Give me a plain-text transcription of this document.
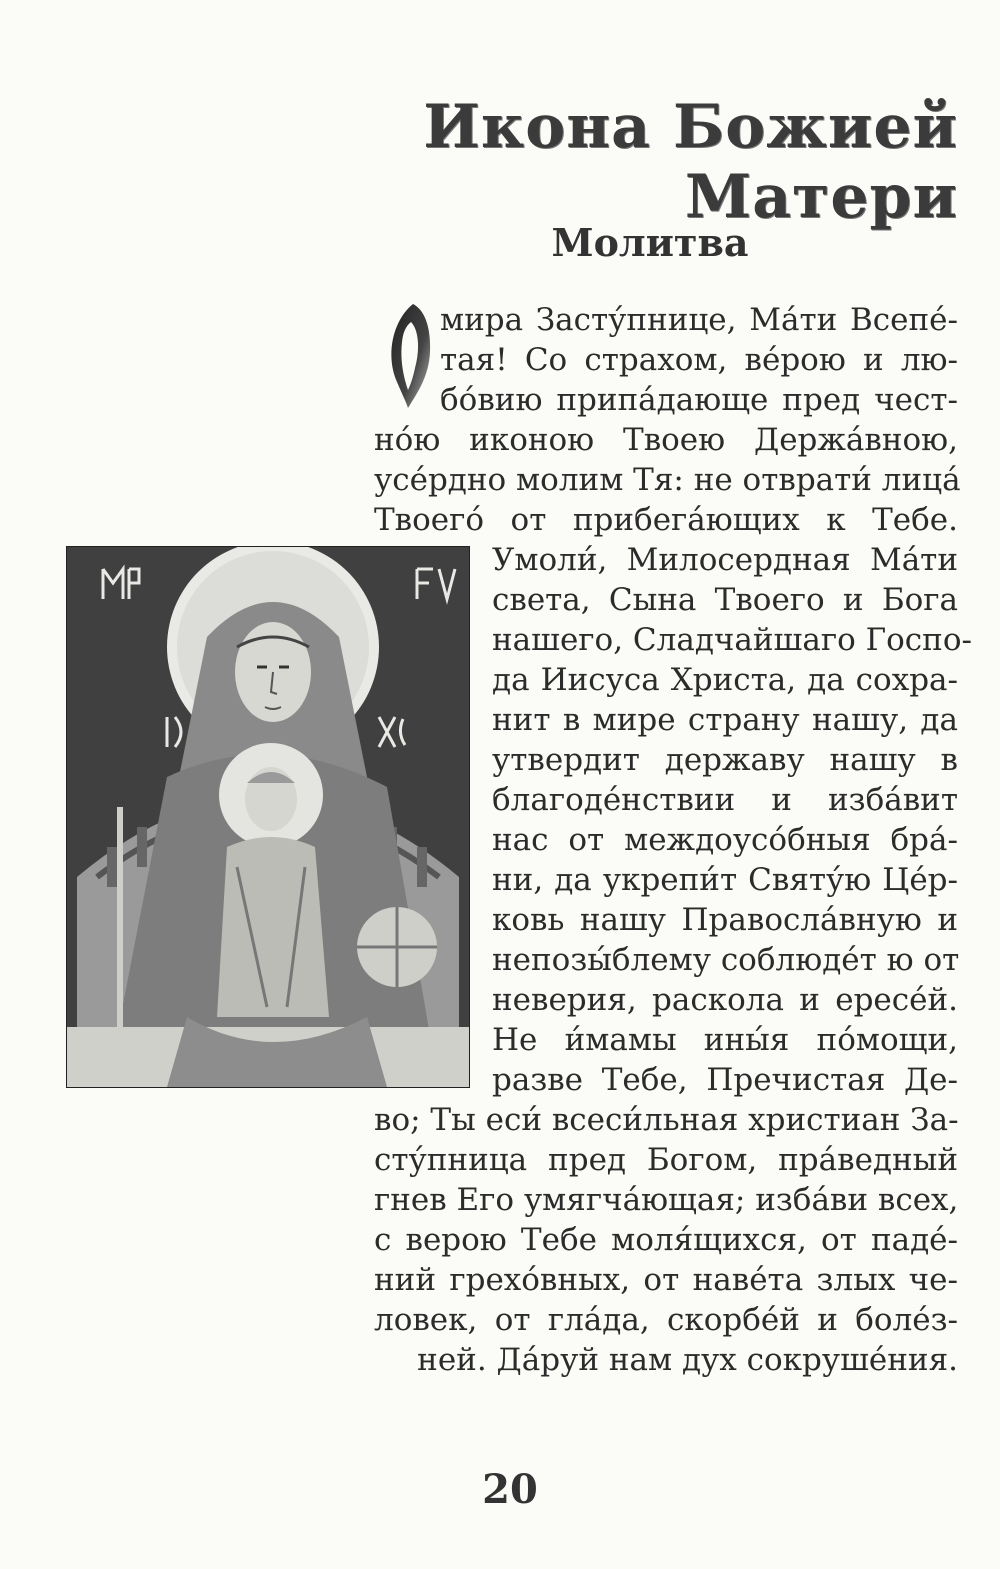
Икона Божией Матери
Молитва
мира Засту́пнице, Ма́ти Всепе́-
тая! Со страхом, ве́рою и лю-
бо́вию припа́дающе пред чест-
но́ю иконою Твоею Держа́вною,
усе́рдно молим Тя: не отврати́ лица́
Твоего́ от прибега́ющих к Тебе.
Умоли́, Милосердная Ма́ти
света, Сына Твоего и Бога
нашего, Сладчайшаго Госпо-
да Иисуса Христа, да сохра-
нит в мире страну нашу, да
утвердит державу нашу в
благоде́нствии и изба́вит
нас от междоусо́бныя бра́-
ни, да укрепи́т Святу́ю Це́р-
ковь нашу Правосла́вную и
непозы́блему соблюде́т ю от
неверия, раскола и ересе́й.
Не и́мамы ины́я по́мощи,
разве Тебе, Пречистая Де-
во; Ты еси́ всеси́льная христиан За-
сту́пница пред Богом, пра́ведный
гнев Его умягча́ющая; изба́ви всех,
с верою Тебе моля́щихся, от паде́-
ний грехо́вных, от наве́та злых че-
ловек, от гла́да, скорбе́й и боле́з-
ней. Да́руй нам дух сокруше́ния.
20
